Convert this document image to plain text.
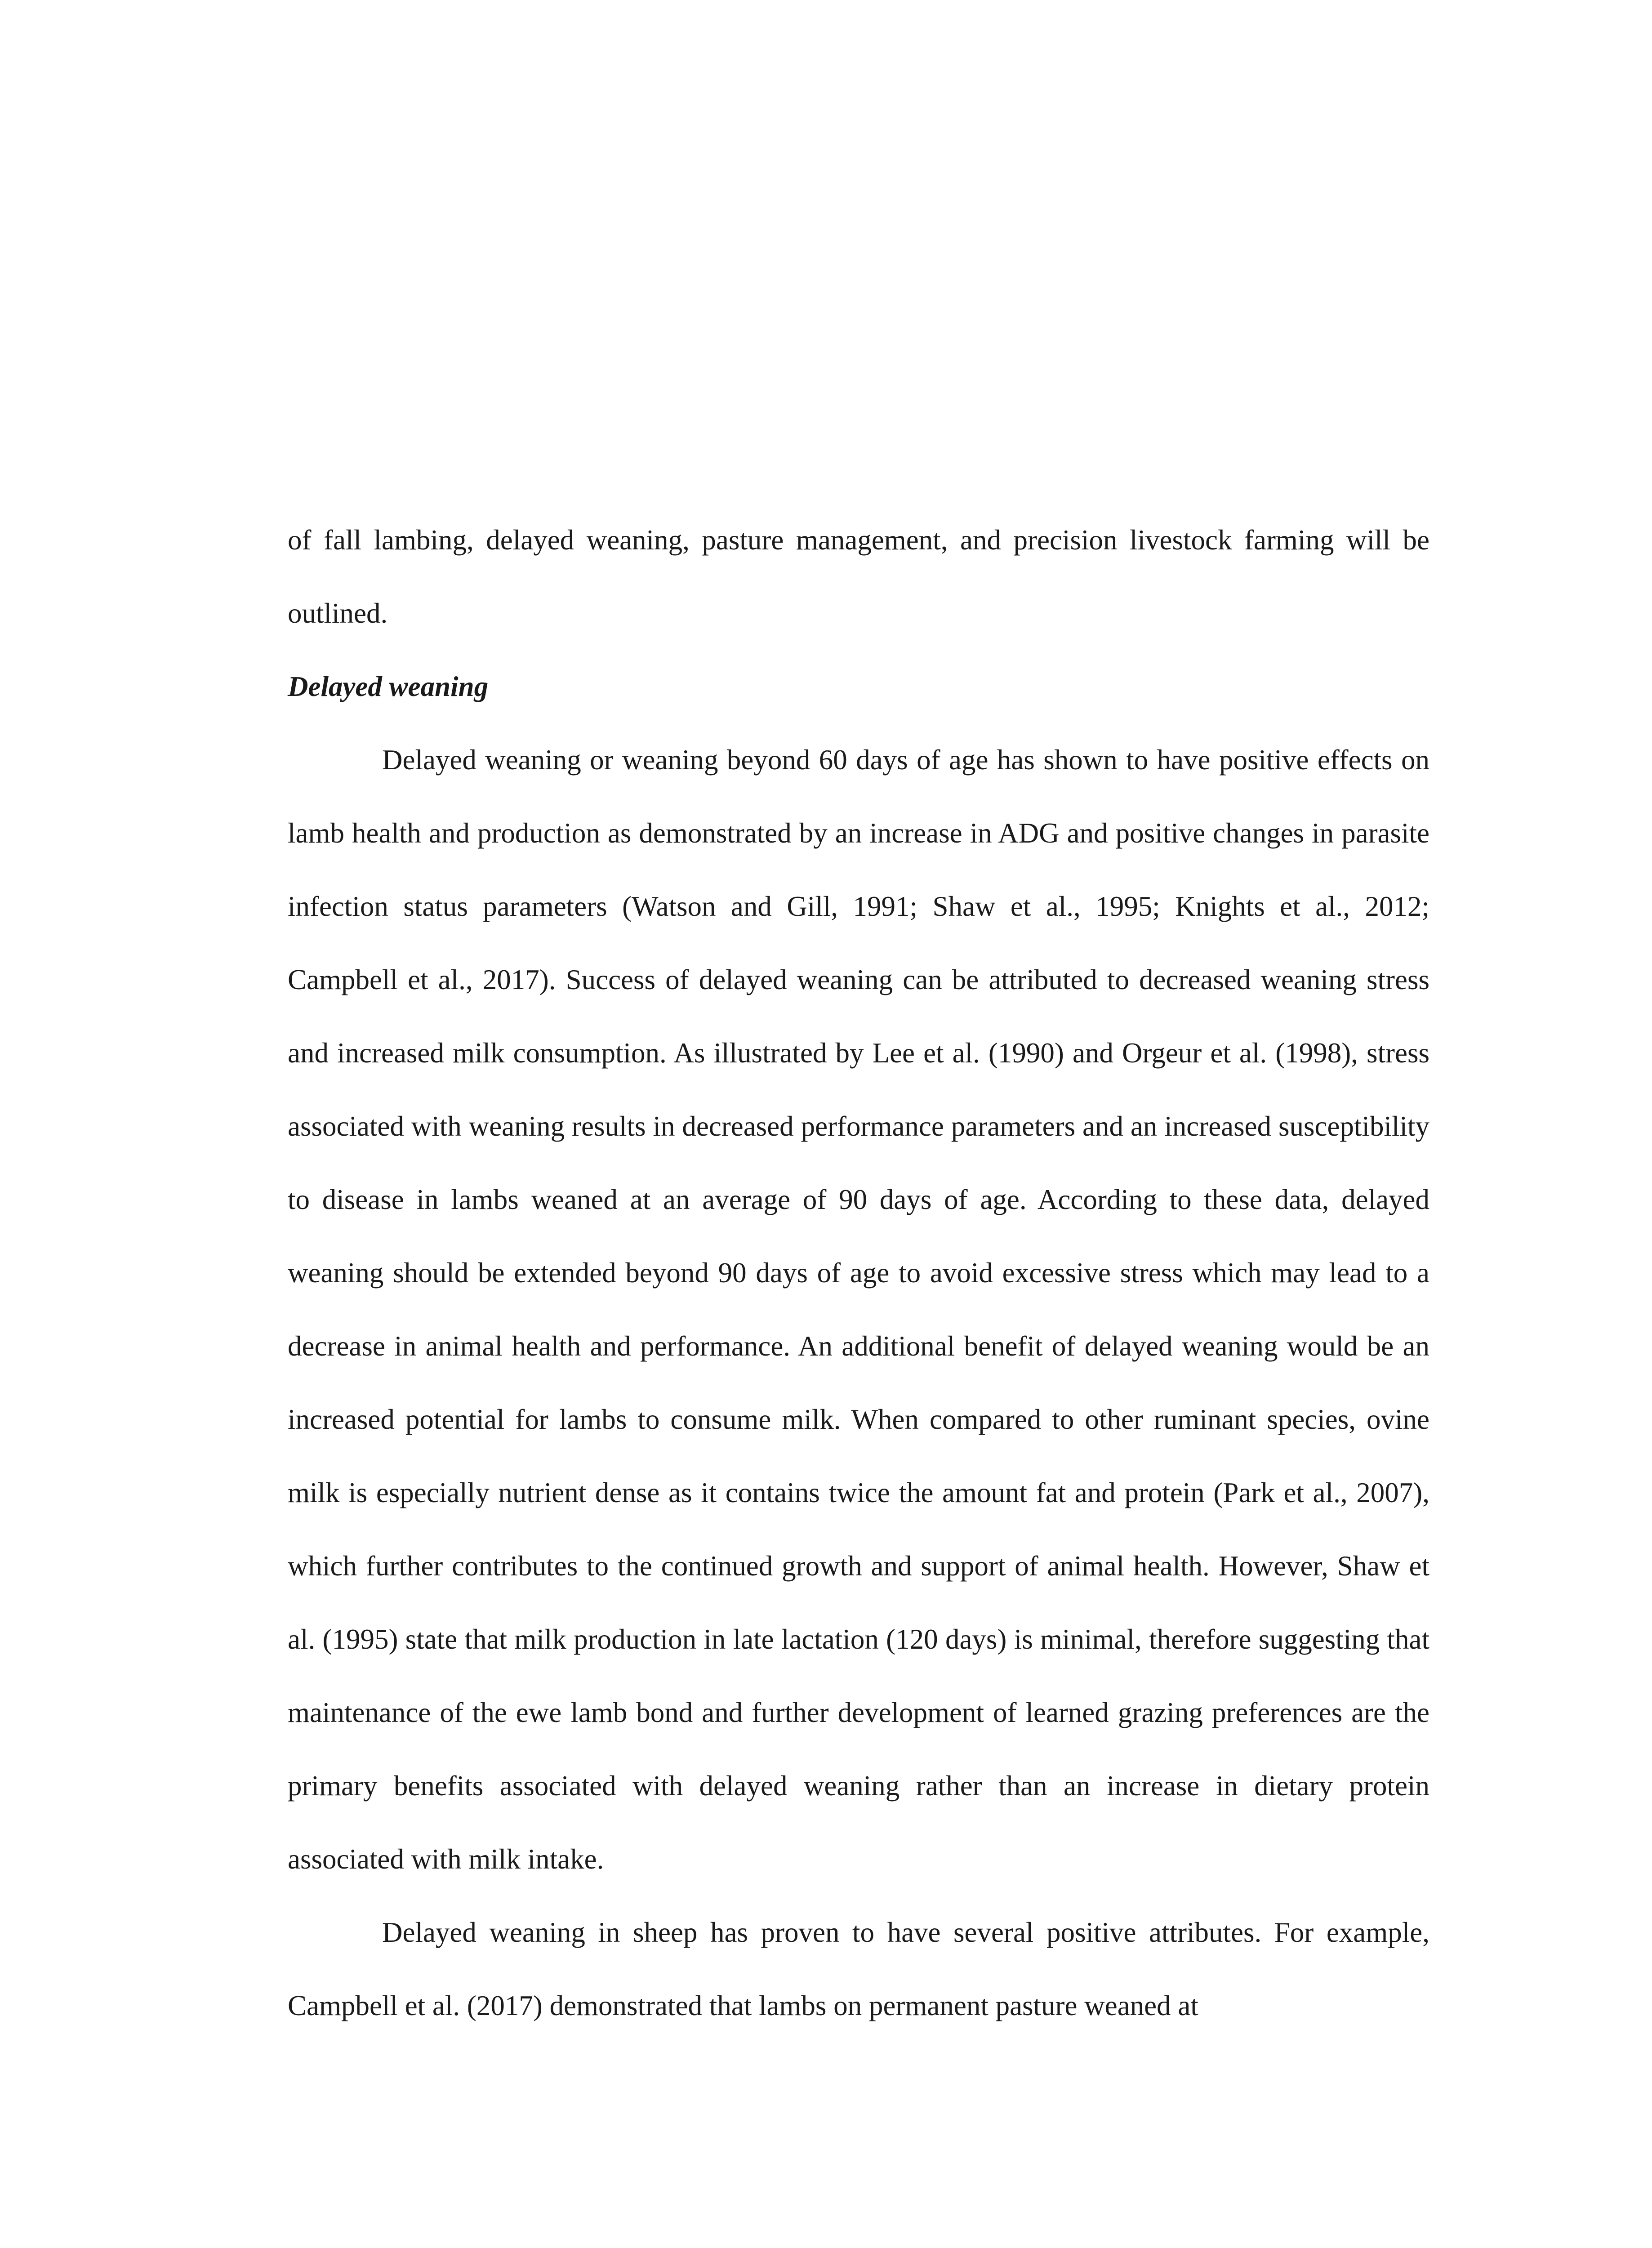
of fall lambing, delayed weaning, pasture management, and precision livestock farming will be outlined.

Delayed weaning

Delayed weaning or weaning beyond 60 days of age has shown to have positive effects on lamb health and production as demonstrated by an increase in ADG and positive changes in parasite infection status parameters (Watson and Gill, 1991; Shaw et al., 1995; Knights et al., 2012; Campbell et al., 2017). Success of delayed weaning can be attributed to decreased weaning stress and increased milk consumption. As illustrated by Lee et al. (1990) and Orgeur et al. (1998), stress associated with weaning results in decreased performance parameters and an increased susceptibility to disease in lambs weaned at an average of 90 days of age. According to these data, delayed weaning should be extended beyond 90 days of age to avoid excessive stress which may lead to a decrease in animal health and performance. An additional benefit of delayed weaning would be an increased potential for lambs to consume milk. When compared to other ruminant species, ovine milk is especially nutrient dense as it contains twice the amount fat and protein (Park et al., 2007), which further contributes to the continued growth and support of animal health. However, Shaw et al. (1995) state that milk production in late lactation (120 days) is minimal, therefore suggesting that maintenance of the ewe lamb bond and further development of learned grazing preferences are the primary benefits associated with delayed weaning rather than an increase in dietary protein associated with milk intake.

Delayed weaning in sheep has proven to have several positive attributes. For example, Campbell et al. (2017) demonstrated that lambs on permanent pasture weaned at
